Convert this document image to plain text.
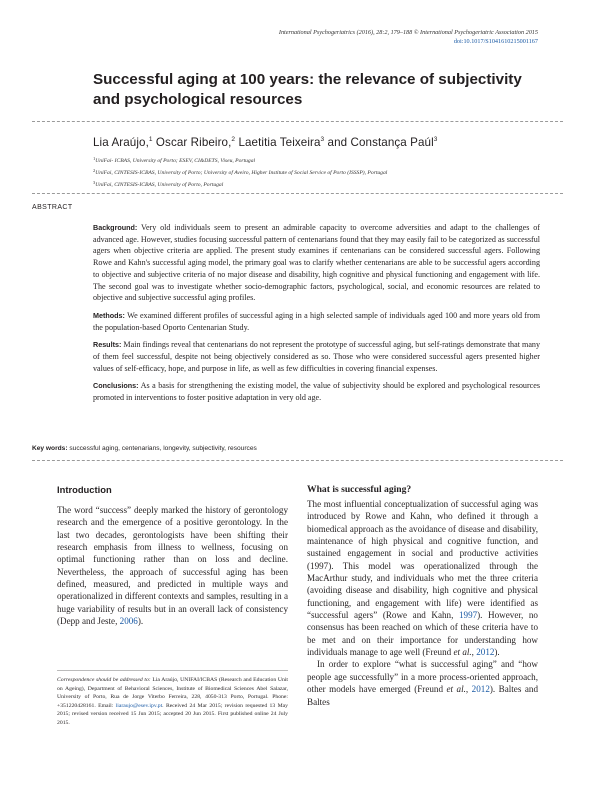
International Psychogeriatrics (2016), 28:2, 179–188 © International Psychogeriatric Association 2015
doi:10.1017/S1041610215001167
Successful aging at 100 years: the relevance of subjectivity and psychological resources
Lia Araújo,$^1$ Oscar Ribeiro,$^2$ Laetitia Teixeira$^3$ and Constança Paúl$^3$
$^1$UniFai- ICBAS, University of Porto; ESEV, CI&DETS, Viseu, Portugal
$^2$UniFai, CINTESIS-ICBAS, University of Porto; University of Aveiro, Higher Institute of Social Service of Porto (ISSSP), Portugal
$^3$UniFai, CINTESIS-ICBAS, University of Porto, Portugal
ABSTRACT

Background: Very old individuals seem to present an admirable capacity to overcome adversities and adapt to the challenges of advanced age. However, studies focusing successful pattern of centenarians found that they may easily fail to be categorized as successful agers when objective criteria are applied. The present study examines if centenarians can be considered successful agers. Following Rowe and Kahn's successful aging model, the primary goal was to clarify whether centenarians are able to be successful agers according to objective and subjective criteria of no major disease and disability, high cognitive and physical functioning and engagement with life. The second goal was to investigate whether socio-demographic factors, psychological, social, and economic resources are related to objective and subjective successful aging profiles.

Methods: We examined different profiles of successful aging in a high selected sample of individuals aged 100 and more years old from the population-based Oporto Centenarian Study.

Results: Main findings reveal that centenarians do not represent the prototype of successful aging, but self-ratings demonstrate that many of them feel successful, despite not being objectively considered as so. Those who were considered successful agers presented higher values of self-efficacy, hope, and purpose in life, as well as few difficulties in covering financial expenses.

Conclusions: As a basis for strengthening the existing model, the value of subjectivity should be explored and psychological resources promoted in interventions to foster positive adaptation in very old age.

Key words: successful aging, centenarians, longevity, subjectivity, resources
Introduction

The word “success” deeply marked the history of gerontology research and the emergence of a positive gerontology. In the last two decades, gerontologists have been shifting their research emphasis from illness to wellness, focusing on optimal functioning rather than on loss and decline. Nevertheless, the approach of successful aging has been defined, measured, and predicted in multiple ways and operationalized in different contexts and samples, resulting in a huge variability of results but in an overall lack of consistency (Depp and Jeste, 2006).

Correspondence should be addressed to: Lia Araújo, UNIFAI/ICBAS (Research and Education Unit on Ageing), Department of Behavioral Sciences, Institute of Biomedical Sciences Abel Salazar, University of Porto, Rua de Jorge Viterbo Ferreira, 228, 4050-313 Porto, Portugal. Phone: +351220428161. Email: liaraujo@esev.ipv.pt. Received 24 Mar 2015; revision requested 13 May 2015; revised version received 15 Jun 2015; accepted 20 Jun 2015. First published online 24 July 2015.
What is successful aging?

The most influential conceptualization of successful aging was introduced by Rowe and Kahn, who defined it through a biomedical approach as the avoidance of disease and disability, maintenance of high physical and cognitive function, and sustained engagement in social and productive activities (1997). This model was operationalized through the MacArthur study, and individuals who met the three criteria (avoiding disease and disability, high cognitive and physical functioning, and engagement with life) were identified as “successful agers” (Rowe and Kahn, 1997). However, no consensus has been reached on which of these criteria have to be met and on their importance for understanding how individuals manage to age well (Freund et al., 2012).

In order to explore “what is successful aging” and “how people age successfully” in a more process-oriented approach, other models have emerged (Freund et al., 2012). Baltes and Baltes
